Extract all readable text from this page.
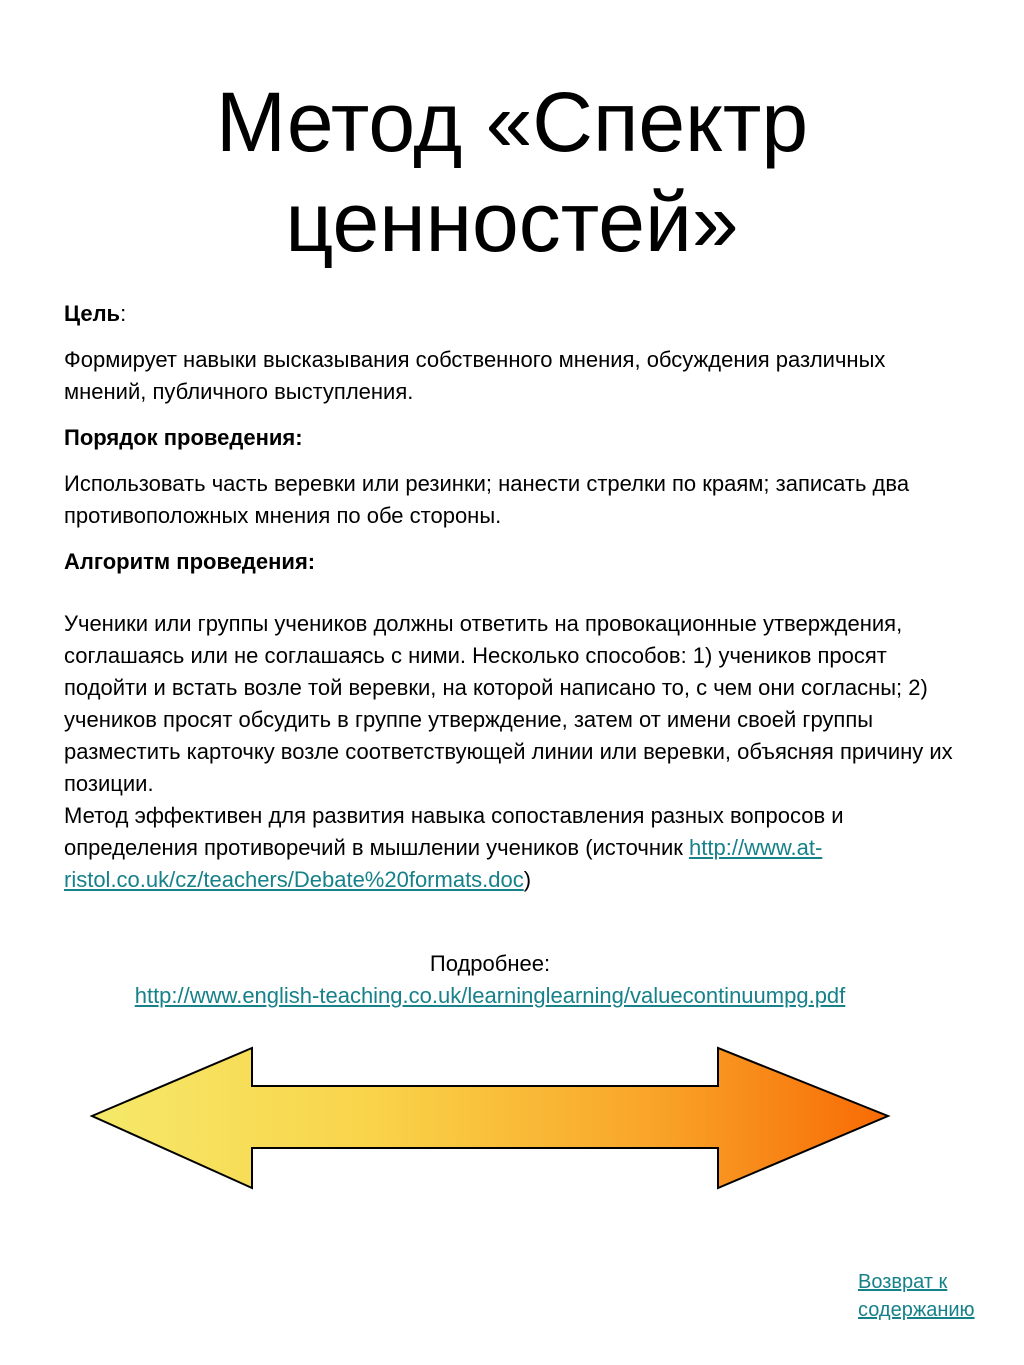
Метод «Спектр
ценностей»

Цель:

Формирует навыки высказывания собственного мнения, обсуждения различных мнений, публичного выступления.

Порядок проведения:

Использовать часть веревки или резинки; нанести стрелки по краям; записать два противоположных мнения по обе стороны.

Алгоритм проведения:

Ученики или группы учеников должны ответить на провокационные утверждения, соглашаясь или не соглашаясь с ними. Несколько способов: 1) учеников просят подойти и встать возле той веревки, на которой написано то, с чем они согласны; 2) учеников просят обсудить в группе утверждение, затем от имени своей группы разместить карточку возле соответствующей линии или веревки, объясняя причину их позиции.

Метод эффективен для развития навыка сопоставления разных вопросов и определения противоречий в мышлении учеников (источник http://www.at-ristol.co.uk/cz/teachers/Debate%20formats.doc)

Подробнее:
http://www.english-teaching.co.uk/learninglearning/valuecontinuumpg.pdf
Возврат к содержанию
